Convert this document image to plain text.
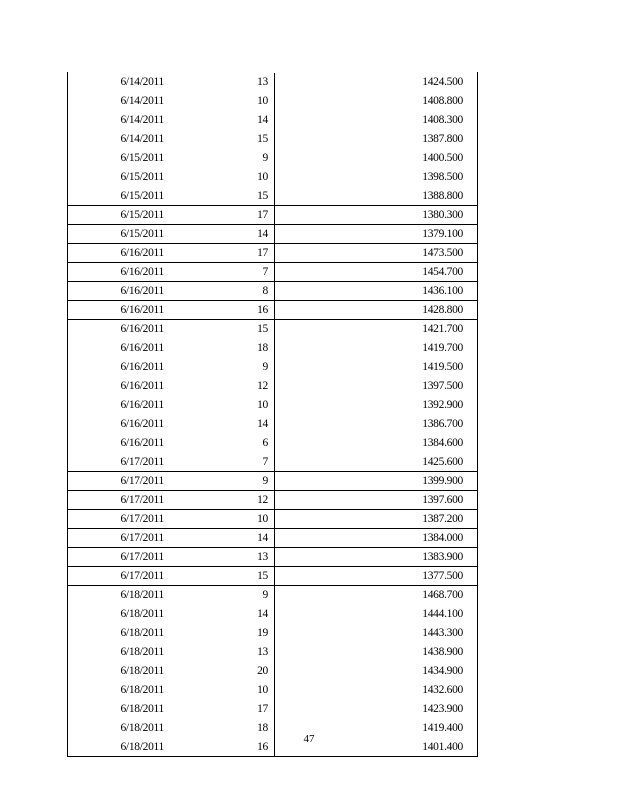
6/14/2011	13	1424.500
6/14/2011	10	1408.800
6/14/2011	14	1408.300
6/14/2011	15	1387.800
6/15/2011	9	1400.500
6/15/2011	10	1398.500
6/15/2011	15	1388.800
6/15/2011	17	1380.300
6/15/2011	14	1379.100
6/16/2011	17	1473.500
6/16/2011	7	1454.700
6/16/2011	8	1436.100
6/16/2011	16	1428.800
6/16/2011	15	1421.700
6/16/2011	18	1419.700
6/16/2011	9	1419.500
6/16/2011	12	1397.500
6/16/2011	10	1392.900
6/16/2011	14	1386.700
6/16/2011	6	1384.600
6/17/2011	7	1425.600
6/17/2011	9	1399.900
6/17/2011	12	1397.600
6/17/2011	10	1387.200
6/17/2011	14	1384.000
6/17/2011	13	1383.900
6/17/2011	15	1377.500
6/18/2011	9	1468.700
6/18/2011	14	1444.100
6/18/2011	19	1443.300
6/18/2011	13	1438.900
6/18/2011	20	1434.900
6/18/2011	10	1432.600
6/18/2011	17	1423.900
6/18/2011	18	1419.400
6/18/2011	16	1401.400
47
